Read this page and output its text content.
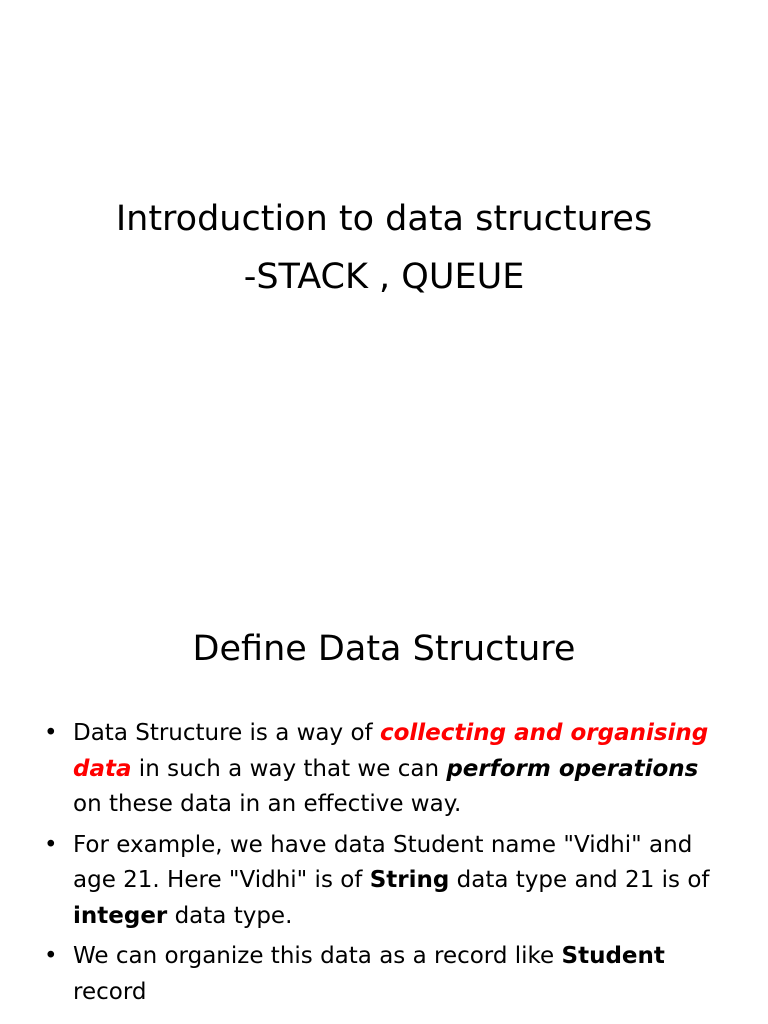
Introduction to data structures
-STACK , QUEUE
Define Data Structure
• Data Structure is a way of collecting and organising data in such a way that we can perform operations on these data in an effective way.
• For example, we have data Student name "Vidhi" and age 21. Here "Vidhi" is of String data type and 21 is of integer data type.
• We can organize this data as a record like Student record
